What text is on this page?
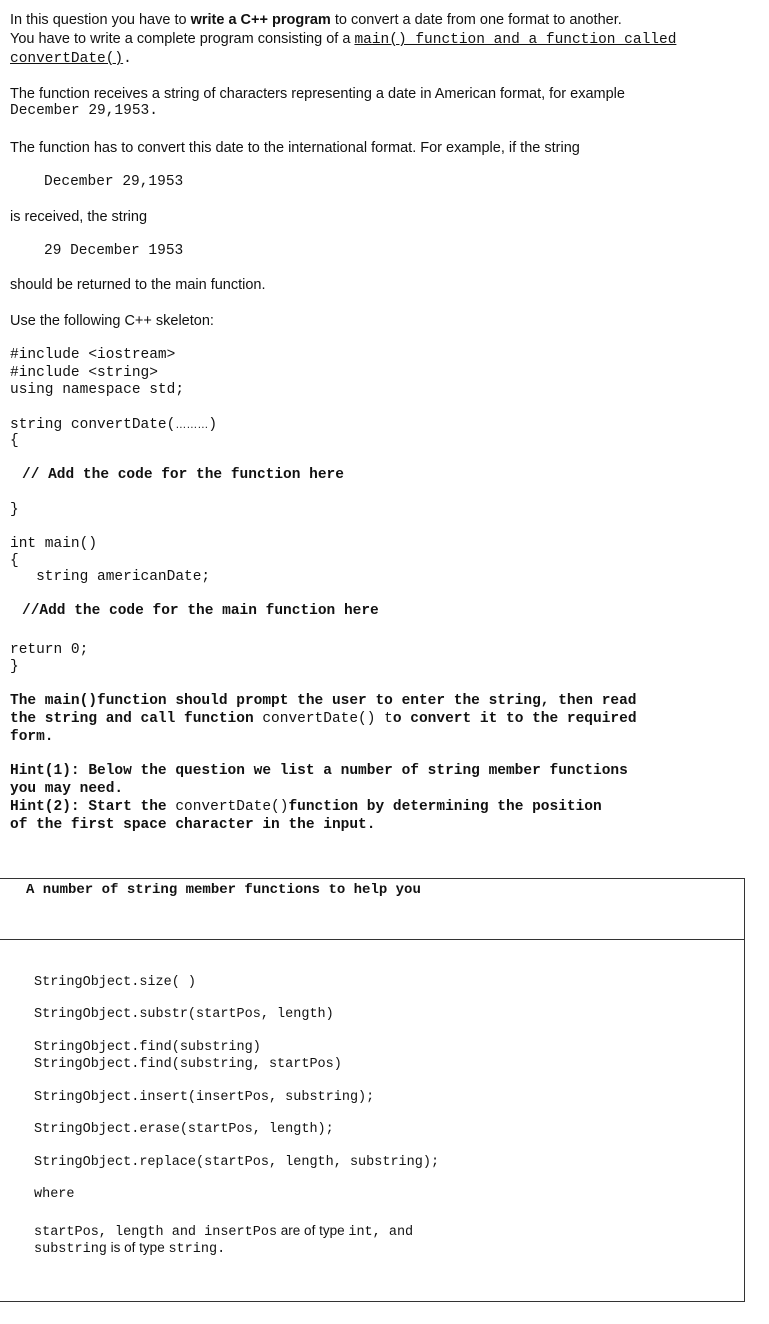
In this question you have to write a C++ program to convert a date from one format to another.

You have to write a complete program consisting of a main() function and a function called

convertDate().

The function receives a string of characters representing a date in American format, for example

December 29,1953.

The function has to convert this date to the international format. For example, if the string

December 29,1953

is received, the string

29 December 1953

should be returned to the main function.

Use the following C++ skeleton:

#include <iostream>

#include <string>

using namespace std;

string convertDate(………)

{

// Add the code for the function here

}

int main()

{

string americanDate;

//Add the code for the main function here

return 0;

}

The main()function should prompt the user to enter the string, then read

the string and call function convertDate() to convert it to the required

form.

Hint(1): Below the question we list a number of string member functions

you may need.

Hint(2): Start the convertDate()function by determining the position

of the first space character in the input.

A number of string member functions to help you

StringObject.size( )

StringObject.substr(startPos, length)

StringObject.find(substring)

StringObject.find(substring, startPos)

StringObject.insert(insertPos, substring);

StringObject.erase(startPos, length);

StringObject.replace(startPos, length, substring);

where

startPos, length and insertPos are of type int, and

substring is of type string.
